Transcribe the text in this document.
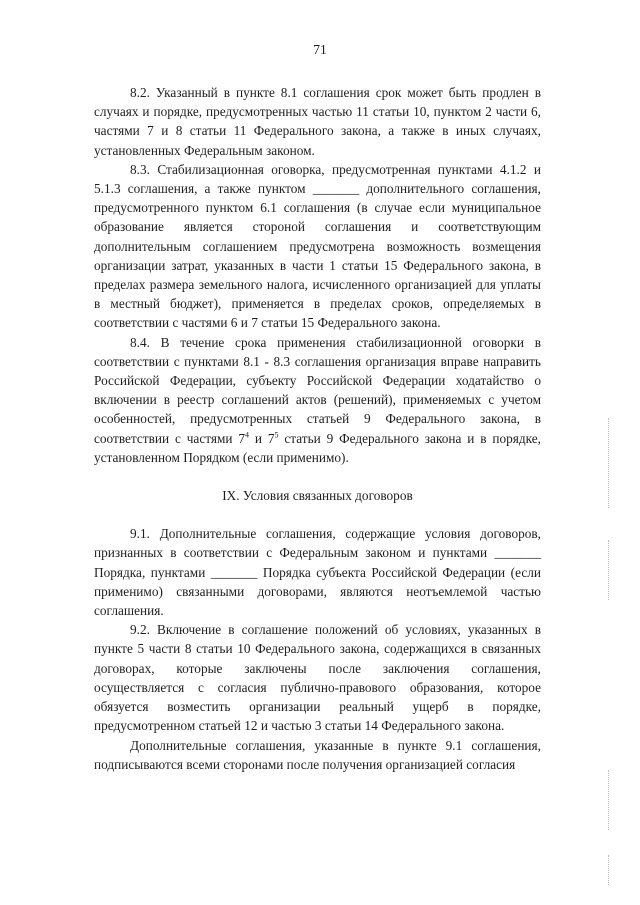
71

8.2. Указанный в пункте 8.1 соглашения срок может быть продлен в случаях и порядке, предусмотренных частью 11 статьи 10, пунктом 2 части 6, частями 7 и 8 статьи 11 Федерального закона, а также в иных случаях, установленных Федеральным законом.

8.3. Стабилизационная оговорка, предусмотренная пунктами 4.1.2 и 5.1.3 соглашения, а также пунктом _______ дополнительного соглашения, предусмотренного пунктом 6.1 соглашения (в случае если муниципальное образование является стороной соглашения и соответствующим дополнительным соглашением предусмотрена возможность возмещения организации затрат, указанных в части 1 статьи 15 Федерального закона, в пределах размера земельного налога, исчисленного организацией для уплаты в местный бюджет), применяется в пределах сроков, определяемых в соответствии с частями 6 и 7 статьи 15 Федерального закона.

8.4. В течение срока применения стабилизационной оговорки в соответствии с пунктами 8.1 - 8.3 соглашения организация вправе направить Российской Федерации, субъекту Российской Федерации ходатайство о включении в реестр соглашений актов (решений), применяемых с учетом особенностей, предусмотренных статьей 9 Федерального закона, в соответствии с частями $7^4$ и $7^5$ статьи 9 Федерального закона и в порядке, установленном Порядком (если применимо).

IX. Условия связанных договоров

9.1. Дополнительные соглашения, содержащие условия договоров, признанных в соответствии с Федеральным законом и пунктами _______ Порядка, пунктами _______ Порядка субъекта Российской Федерации (если применимо) связанными договорами, являются неотъемлемой частью соглашения.

9.2. Включение в соглашение положений об условиях, указанных в пункте 5 части 8 статьи 10 Федерального закона, содержащихся в связанных договорах, которые заключены после заключения соглашения, осуществляется с согласия публично-правового образования, которое обязуется возместить организации реальный ущерб в порядке, предусмотренном статьей 12 и частью 3 статьи 14 Федерального закона.

Дополнительные соглашения, указанные в пункте 9.1 соглашения, подписываются всеми сторонами после получения организацией согласия
